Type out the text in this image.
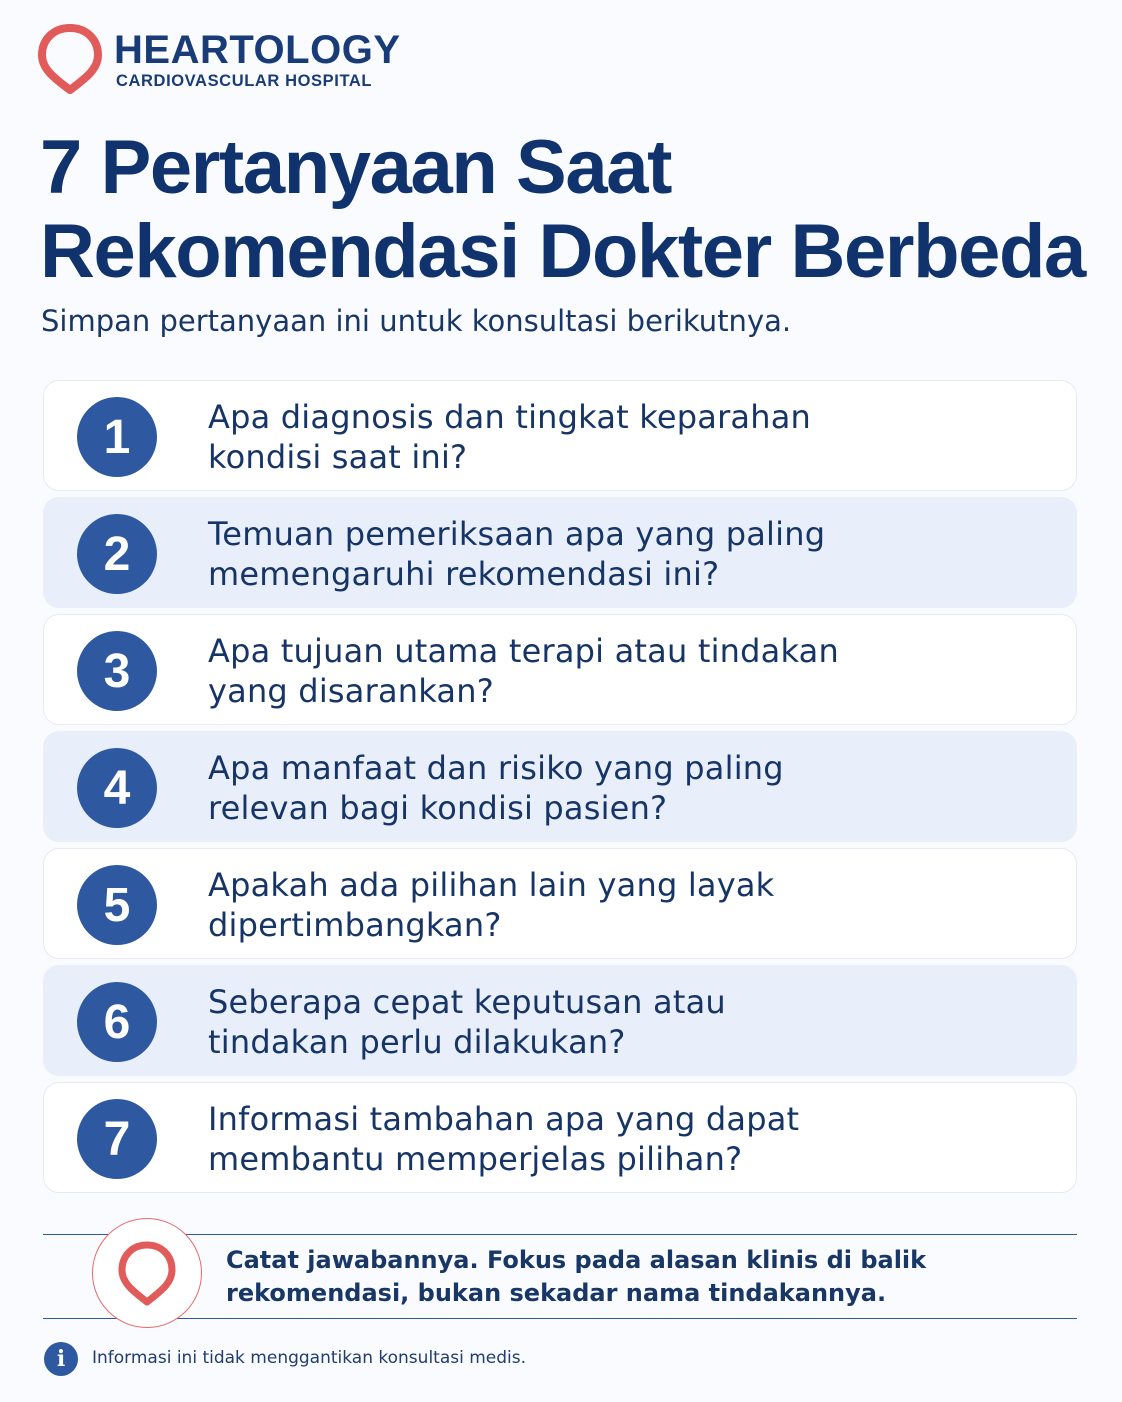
HEARTOLOGY
CARDIOVASCULAR HOSPITAL
7 Pertanyaan Saat
Rekomendasi Dokter Berbeda
Simpan pertanyaan ini untuk konsultasi berikutnya.
1	Apa diagnosis dan tingkat keparahan
kondisi saat ini?
2	Temuan pemeriksaan apa yang paling
memengaruhi rekomendasi ini?
3	Apa tujuan utama terapi atau tindakan
yang disarankan?
4	Apa manfaat dan risiko yang paling
relevan bagi kondisi pasien?
5	Apakah ada pilihan lain yang layak
dipertimbangkan?
6	Seberapa cepat keputusan atau
tindakan perlu dilakukan?
7	Informasi tambahan apa yang dapat
membantu memperjelas pilihan?
Catat jawabannya. Fokus pada alasan klinis di balik
rekomendasi, bukan sekadar nama tindakannya.
i	Informasi ini tidak menggantikan konsultasi medis.
